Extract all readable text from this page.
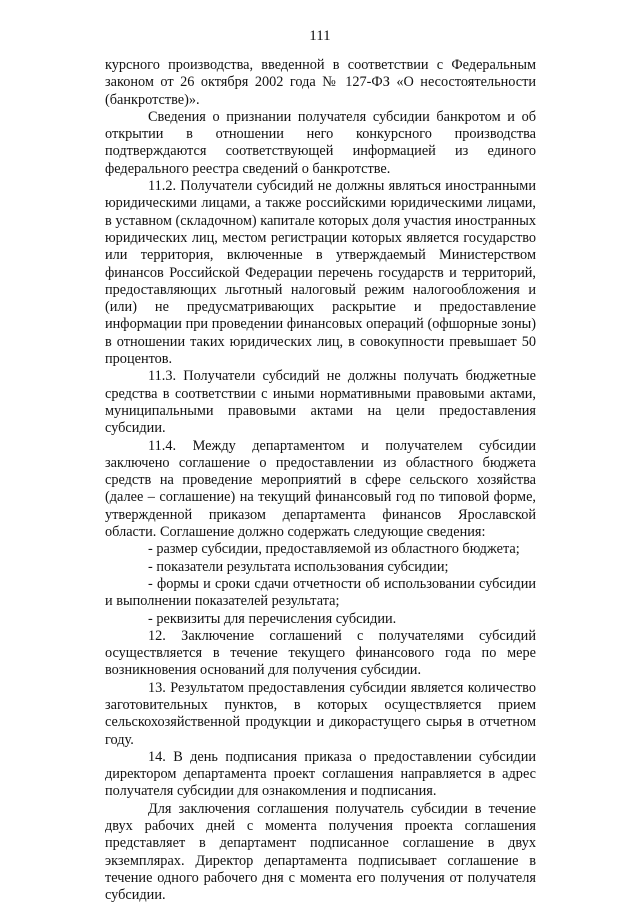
111

курсного производства, введенной в соответствии с Федеральным законом от 26 октября 2002 года № 127-ФЗ «О несостоятельности (банкротстве)».

Сведения о признании получателя субсидии банкротом и об открытии в отношении него конкурсного производства подтверждаются соответствующей информацией из единого федерального реестра сведений о банкротстве.

11.2. Получатели субсидий не должны являться иностранными юридическими лицами, а также российскими юридическими лицами, в уставном (складочном) капитале которых доля участия иностранных юридических лиц, местом регистрации которых является государство или территория, включенные в утверждаемый Министерством финансов Российской Федерации перечень государств и территорий, предоставляющих льготный налоговый режим налогообложения и (или) не предусматривающих раскрытие и предоставление информации при проведении финансовых операций (офшорные зоны) в отношении таких юридических лиц, в совокупности превышает 50 процентов.

11.3. Получатели субсидий не должны получать бюджетные средства в соответствии с иными нормативными правовыми актами, муниципальными правовыми актами на цели предоставления субсидии.

11.4. Между департаментом и получателем субсидии заключено соглашение о предоставлении из областного бюджета средств на проведение мероприятий в сфере сельского хозяйства (далее – соглашение) на текущий финансовый год по типовой форме, утвержденной приказом департамента финансов Ярославской области. Соглашение должно содержать следующие сведения:

- размер субсидии, предоставляемой из областного бюджета;

- показатели результата использования субсидии;

- формы и сроки сдачи отчетности об использовании субсидии и выполнении показателей результата;

- реквизиты для перечисления субсидии.

12. Заключение соглашений с получателями субсидий осуществляется в течение текущего финансового года по мере возникновения оснований для получения субсидии.

13. Результатом предоставления субсидии является количество заготовительных пунктов, в которых осуществляется прием сельскохозяйственной продукции и дикорастущего сырья в отчетном году.

14. В день подписания приказа о предоставлении субсидии директором департамента проект соглашения направляется в адрес получателя субсидии для ознакомления и подписания.

Для заключения соглашения получатель субсидии в течение двух рабочих дней с момента получения проекта соглашения представляет в департамент подписанное соглашение в двух экземплярах. Директор департамента подписывает соглашение в течение одного рабочего дня с момента его получения от получателя субсидии.
